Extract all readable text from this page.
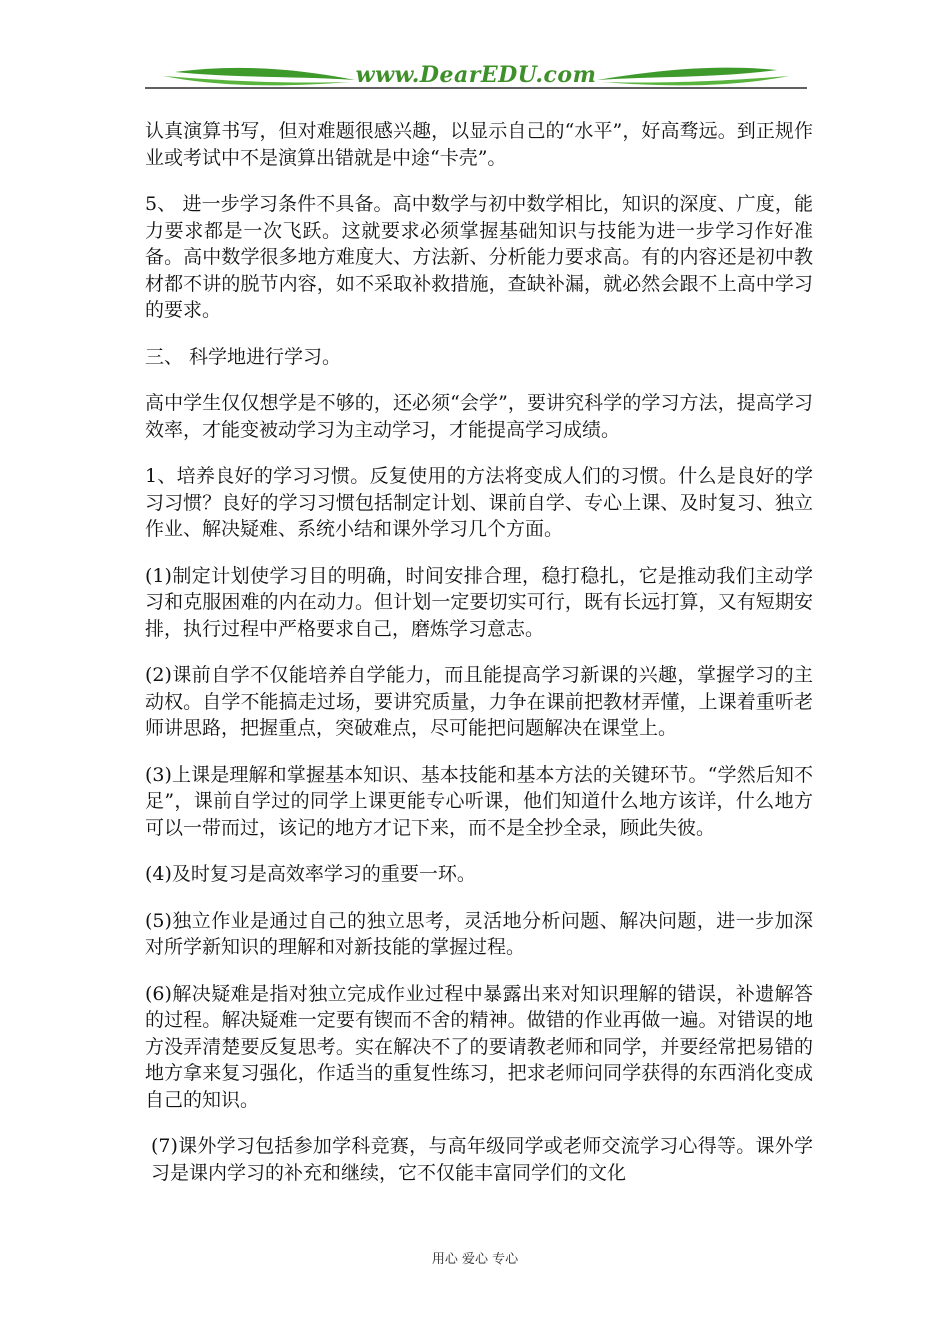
www.DearEDU.com

认真演算书写，但对难题很感兴趣，以显示自己的“水平”，好高骛远。到正规作业或考试中不是演算出错就是中途“卡壳”。

5、 进一步学习条件不具备。高中数学与初中数学相比，知识的深度、广度，能力要求都是一次飞跃。这就要求必须掌握基础知识与技能为进一步学习作好准备。高中数学很多地方难度大、方法新、分析能力要求高。有的内容还是初中教材都不讲的脱节内容，如不采取补救措施，查缺补漏，就必然会跟不上高中学习的要求。

三、 科学地进行学习。

高中学生仅仅想学是不够的，还必须“会学”，要讲究科学的学习方法，提高学习效率，才能变被动学习为主动学习，才能提高学习成绩。

1、培养良好的学习习惯。反复使用的方法将变成人们的习惯。什么是良好的学习习惯？良好的学习习惯包括制定计划、课前自学、专心上课、及时复习、独立作业、解决疑难、系统小结和课外学习几个方面。

(1)制定计划使学习目的明确，时间安排合理，稳打稳扎，它是推动我们主动学习和克服困难的内在动力。但计划一定要切实可行，既有长远打算，又有短期安排，执行过程中严格要求自己，磨炼学习意志。

(2)课前自学不仅能培养自学能力，而且能提高学习新课的兴趣，掌握学习的主动权。自学不能搞走过场，要讲究质量，力争在课前把教材弄懂，上课着重听老师讲思路，把握重点，突破难点，尽可能把问题解决在课堂上。

(3)上课是理解和掌握基本知识、基本技能和基本方法的关键环节。“学然后知不足”，课前自学过的同学上课更能专心听课，他们知道什么地方该详，什么地方可以一带而过，该记的地方才记下来，而不是全抄全录，顾此失彼。

(4)及时复习是高效率学习的重要一环。

(5)独立作业是通过自己的独立思考，灵活地分析问题、解决问题，进一步加深对所学新知识的理解和对新技能的掌握过程。

(6)解决疑难是指对独立完成作业过程中暴露出来对知识理解的错误，补遗解答的过程。解决疑难一定要有锲而不舍的精神。做错的作业再做一遍。对错误的地方没弄清楚要反复思考。实在解决不了的要请教老师和同学，并要经常把易错的地方拿来复习强化，作适当的重复性练习，把求老师问同学获得的东西消化变成自己的知识。

(7)课外学习包括参加学科竞赛，与高年级同学或老师交流学习心得等。课外学习是课内学习的补充和继续，它不仅能丰富同学们的文化

用心 爱心 专心
